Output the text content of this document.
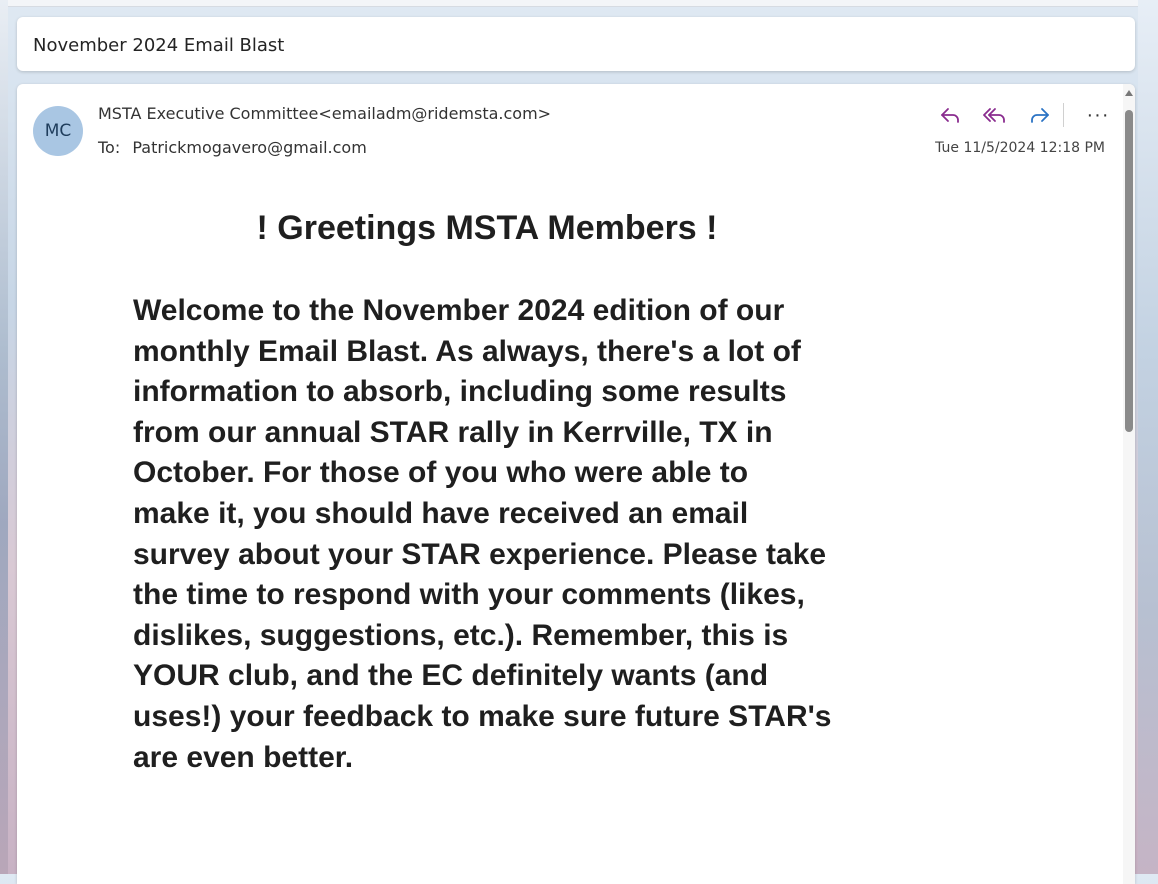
November 2024 Email Blast
MC
MSTA Executive Committee<emailadm@ridemsta.com>
To: Patrickmogavero@gmail.com
···
Tue 11/5/2024 12:18 PM
! Greetings MSTA Members !
Welcome to the November 2024 edition of our monthly Email Blast. As always, there's a lot of information to absorb, including some results from our annual STAR rally in Kerrville, TX in October. For those of you who were able to make it, you should have received an email survey about your STAR experience. Please take the time to respond with your comments (likes, dislikes, suggestions, etc.). Remember, this is YOUR club, and the EC definitely wants (and uses!) your feedback to make sure future STAR's are even better.
